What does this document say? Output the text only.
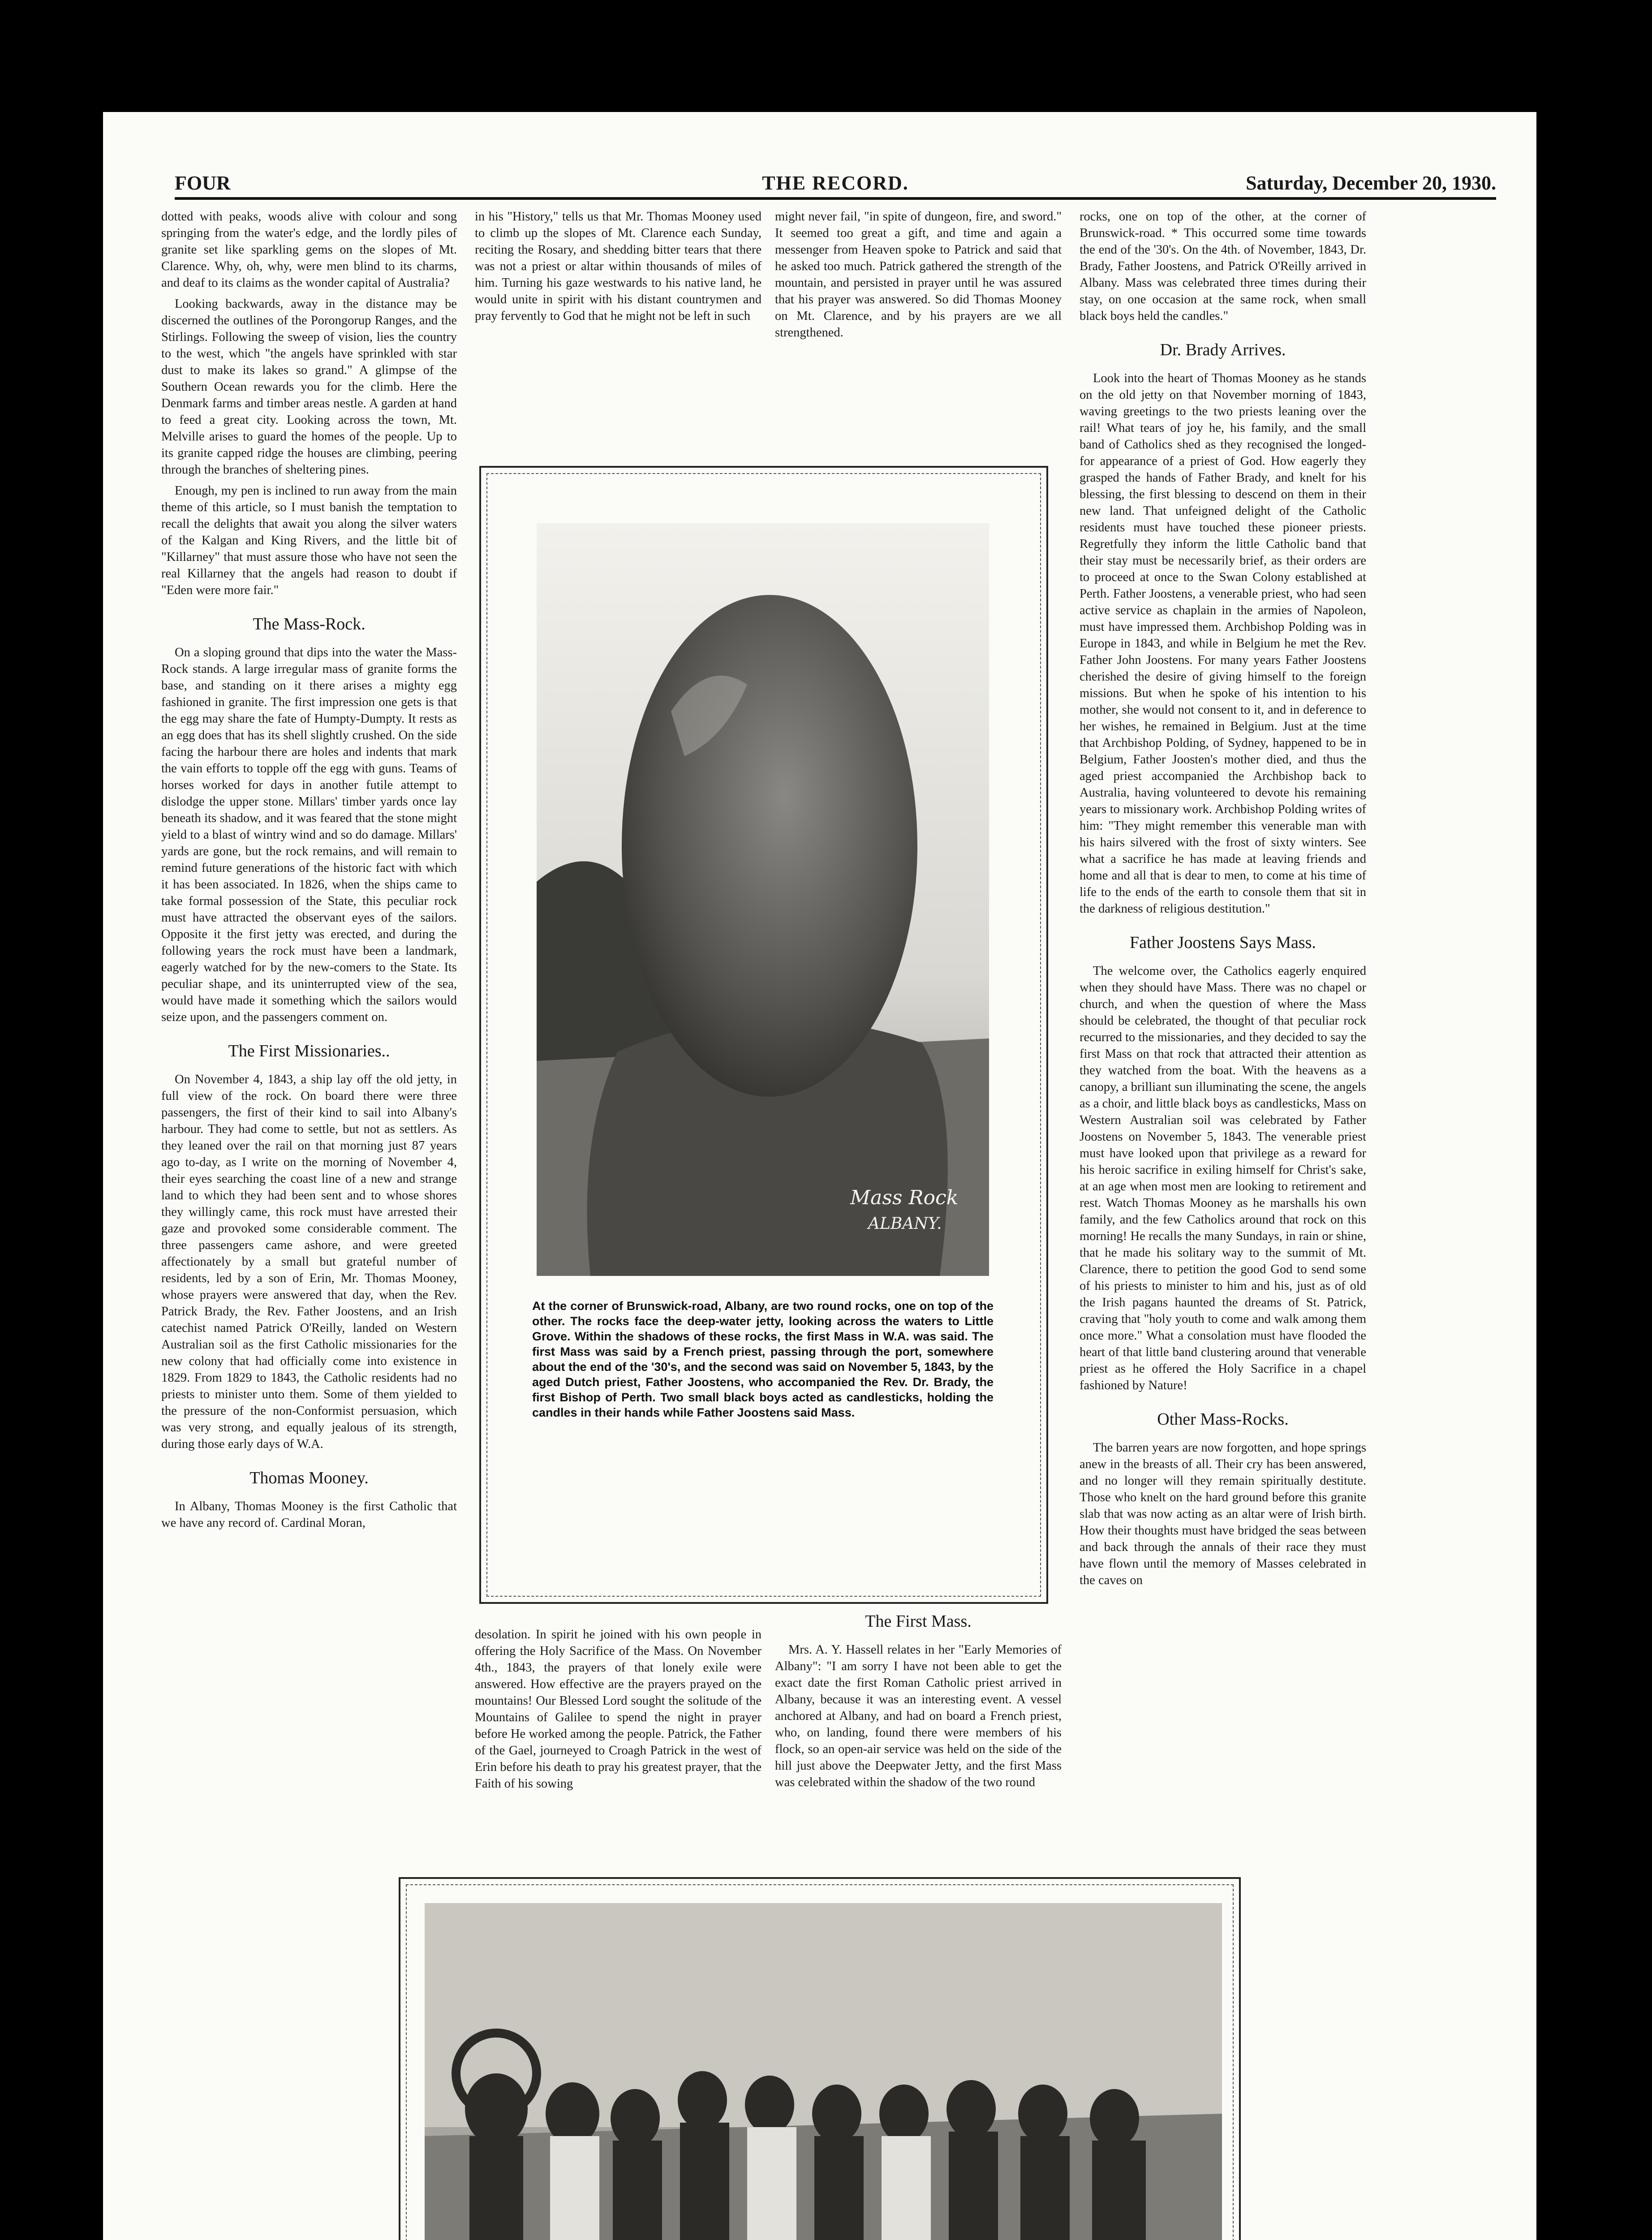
FOUR	THE RECORD.	Saturday, December 20, 1930.

dotted with peaks, woods alive with colour and song springing from the water's edge, and the lordly piles of granite set like sparkling gems on the slopes of Mt. Clarence. Why, oh, why, were men blind to its charms, and deaf to its claims as the wonder capital of Australia?

Looking backwards, away in the distance may be discerned the outlines of the Porongorup Ranges, and the Stirlings. Following the sweep of vision, lies the country to the west, which "the angels have sprinkled with star dust to make its lakes so grand." A glimpse of the Southern Ocean rewards you for the climb. Here the Denmark farms and timber areas nestle. A garden at hand to feed a great city. Looking across the town, Mt. Melville arises to guard the homes of the people. Up to its granite capped ridge the houses are climbing, peering through the branches of sheltering pines.

Enough, my pen is inclined to run away from the main theme of this article, so I must banish the temptation to recall the delights that await you along the silver waters of the Kalgan and King Rivers, and the little bit of "Killarney" that must assure those who have not seen the real Killarney that the angels had reason to doubt if "Eden were more fair."

The Mass-Rock.

On a sloping ground that dips into the water the Mass-Rock stands. A large irregular mass of granite forms the base, and standing on it there arises a mighty egg fashioned in granite. The first impression one gets is that the egg may share the fate of Humpty-Dumpty. It rests as an egg does that has its shell slightly crushed. On the side facing the harbour there are holes and indents that mark the vain efforts to topple off the egg with guns. Teams of horses worked for days in another futile attempt to dislodge the upper stone. Millars' timber yards once lay beneath its shadow, and it was feared that the stone might yield to a blast of wintry wind and so do damage. Millars' yards are gone, but the rock remains, and will remain to remind future generations of the historic fact with which it has been associated. In 1826, when the ships came to take formal possession of the State, this peculiar rock must have attracted the observant eyes of the sailors. Opposite it the first jetty was erected, and during the following years the rock must have been a landmark, eagerly watched for by the new-comers to the State. Its peculiar shape, and its uninterrupted view of the sea, would have made it something which the sailors would seize upon, and the passengers comment on.

The First Missionaries..

On November 4, 1843, a ship lay off the old jetty, in full view of the rock. On board there were three passengers, the first of their kind to sail into Albany's harbour. They had come to settle, but not as settlers. As they leaned over the rail on that morning just 87 years ago to-day, as I write on the morning of November 4, their eyes searching the coast line of a new and strange land to which they had been sent and to whose shores they willingly came, this rock must have arrested their gaze and provoked some considerable comment. The three passengers came ashore, and were greeted affectionately by a small but grateful number of residents, led by a son of Erin, Mr. Thomas Mooney, whose prayers were answered that day, when the Rev. Patrick Brady, the Rev. Father Joostens, and an Irish catechist named Patrick O'Reilly, landed on Western Australian soil as the first Catholic missionaries for the new colony that had officially come into existence in 1829. From 1829 to 1843, the Catholic residents had no priests to minister unto them. Some of them yielded to the pressure of the non-Conformist persuasion, which was very strong, and equally jealous of its strength, during those early days of W.A.

Thomas Mooney.

In Albany, Thomas Mooney is the first Catholic that we have any record of. Cardinal Moran,

in his "History," tells us that Mr. Thomas Mooney used to climb up the slopes of Mt. Clarence each Sunday, reciting the Rosary, and shedding bitter tears that there was not a priest or altar within thousands of miles of him. Turning his gaze westwards to his native land, he would unite in spirit with his distant countrymen and pray fervently to God that he might not be left in such

might never fail, "in spite of dungeon, fire, and sword." It seemed too great a gift, and time and again a messenger from Heaven spoke to Patrick and said that he asked too much. Patrick gathered the strength of the mountain, and persisted in prayer until he was assured that his prayer was answered. So did Thomas Mooney on Mt. Clarence, and by his prayers are we all strengthened.

Mass Rock
ALBANY.
At the corner of Brunswick-road, Albany, are two round rocks, one on top of the other. The rocks face the deep-water jetty, looking across the waters to Little Grove. Within the shadows of these rocks, the first Mass in W.A. was said. The first Mass was said by a French priest, passing through the port, somewhere about the end of the '30's, and the second was said on November 5, 1843, by the aged Dutch priest, Father Joostens, who accompanied the Rev. Dr. Brady, the first Bishop of Perth. Two small black boys acted as candlesticks, holding the candles in their hands while Father Joostens said Mass.

desolation. In spirit he joined with his own people in offering the Holy Sacrifice of the Mass. On November 4th., 1843, the prayers of that lonely exile were answered. How effective are the prayers prayed on the mountains! Our Blessed Lord sought the solitude of the Mountains of Galilee to spend the night in prayer before He worked among the people. Patrick, the Father of the Gael, journeyed to Croagh Patrick in the west of Erin before his death to pray his greatest prayer, that the Faith of his sowing

The First Mass.

Mrs. A. Y. Hassell relates in her "Early Memories of Albany": "I am sorry I have not been able to get the exact date the first Roman Catholic priest arrived in Albany, because it was an interesting event. A vessel anchored at Albany, and had on board a French priest, who, on landing, found there were members of his flock, so an open-air service was held on the side of the hill just above the Deepwater Jetty, and the first Mass was celebrated within the shadow of the two round

rocks, one on top of the other, at the corner of Brunswick-road. * This occurred some time towards the end of the '30's. On the 4th. of November, 1843, Dr. Brady, Father Joostens, and Patrick O'Reilly arrived in Albany. Mass was celebrated three times during their stay, on one occasion at the same rock, when small black boys held the candles."

Dr. Brady Arrives.

Look into the heart of Thomas Mooney as he stands on the old jetty on that November morning of 1843, waving greetings to the two priests leaning over the rail! What tears of joy he, his family, and the small band of Catholics shed as they recognised the longed-for appearance of a priest of God. How eagerly they grasped the hands of Father Brady, and knelt for his blessing, the first blessing to descend on them in their new land. That unfeigned delight of the Catholic residents must have touched these pioneer priests. Regretfully they inform the little Catholic band that their stay must be necessarily brief, as their orders are to proceed at once to the Swan Colony established at Perth. Father Joostens, a venerable priest, who had seen active service as chaplain in the armies of Napoleon, must have impressed them. Archbishop Polding was in Europe in 1843, and while in Belgium he met the Rev. Father John Joostens. For many years Father Joostens cherished the desire of giving himself to the foreign missions. But when he spoke of his intention to his mother, she would not consent to it, and in deference to her wishes, he remained in Belgium. Just at the time that Archbishop Polding, of Sydney, happened to be in Belgium, Father Joosten's mother died, and thus the aged priest accompanied the Archbishop back to Australia, having volunteered to devote his remaining years to missionary work. Archbishop Polding writes of him: "They might remember this venerable man with his hairs silvered with the frost of sixty winters. See what a sacrifice he has made at leaving friends and home and all that is dear to men, to come at his time of life to the ends of the earth to console them that sit in the darkness of religious destitution."

Father Joostens Says Mass.

The welcome over, the Catholics eagerly enquired when they should have Mass. There was no chapel or church, and when the question of where the Mass should be celebrated, the thought of that peculiar rock recurred to the missionaries, and they decided to say the first Mass on that rock that attracted their attention as they watched from the boat. With the heavens as a canopy, a brilliant sun illuminating the scene, the angels as a choir, and little black boys as candlesticks, Mass on Western Australian soil was celebrated by Father Joostens on November 5, 1843. The venerable priest must have looked upon that privilege as a reward for his heroic sacrifice in exiling himself for Christ's sake, at an age when most men are looking to retirement and rest. Watch Thomas Mooney as he marshalls his own family, and the few Catholics around that rock on this morning! He recalls the many Sundays, in rain or shine, that he made his solitary way to the summit of Mt. Clarence, there to petition the good God to send some of his priests to minister to him and his, just as of old the Irish pagans haunted the dreams of St. Patrick, craving that "holy youth to come and walk among them once more." What a consolation must have flooded the heart of that little band clustering around that venerable priest as he offered the Holy Sacrifice in a chapel fashioned by Nature!

Other Mass-Rocks.

The barren years are now forgotten, and hope springs anew in the breasts of all. Their cry has been answered, and no longer will they remain spiritually destitute. Those who knelt on the hard ground before this granite slab that was now acting as an altar were of Irish birth. How their thoughts must have bridged the seas between and back through the annals of their race they must have flown until the memory of Masses celebrated in the caves on
